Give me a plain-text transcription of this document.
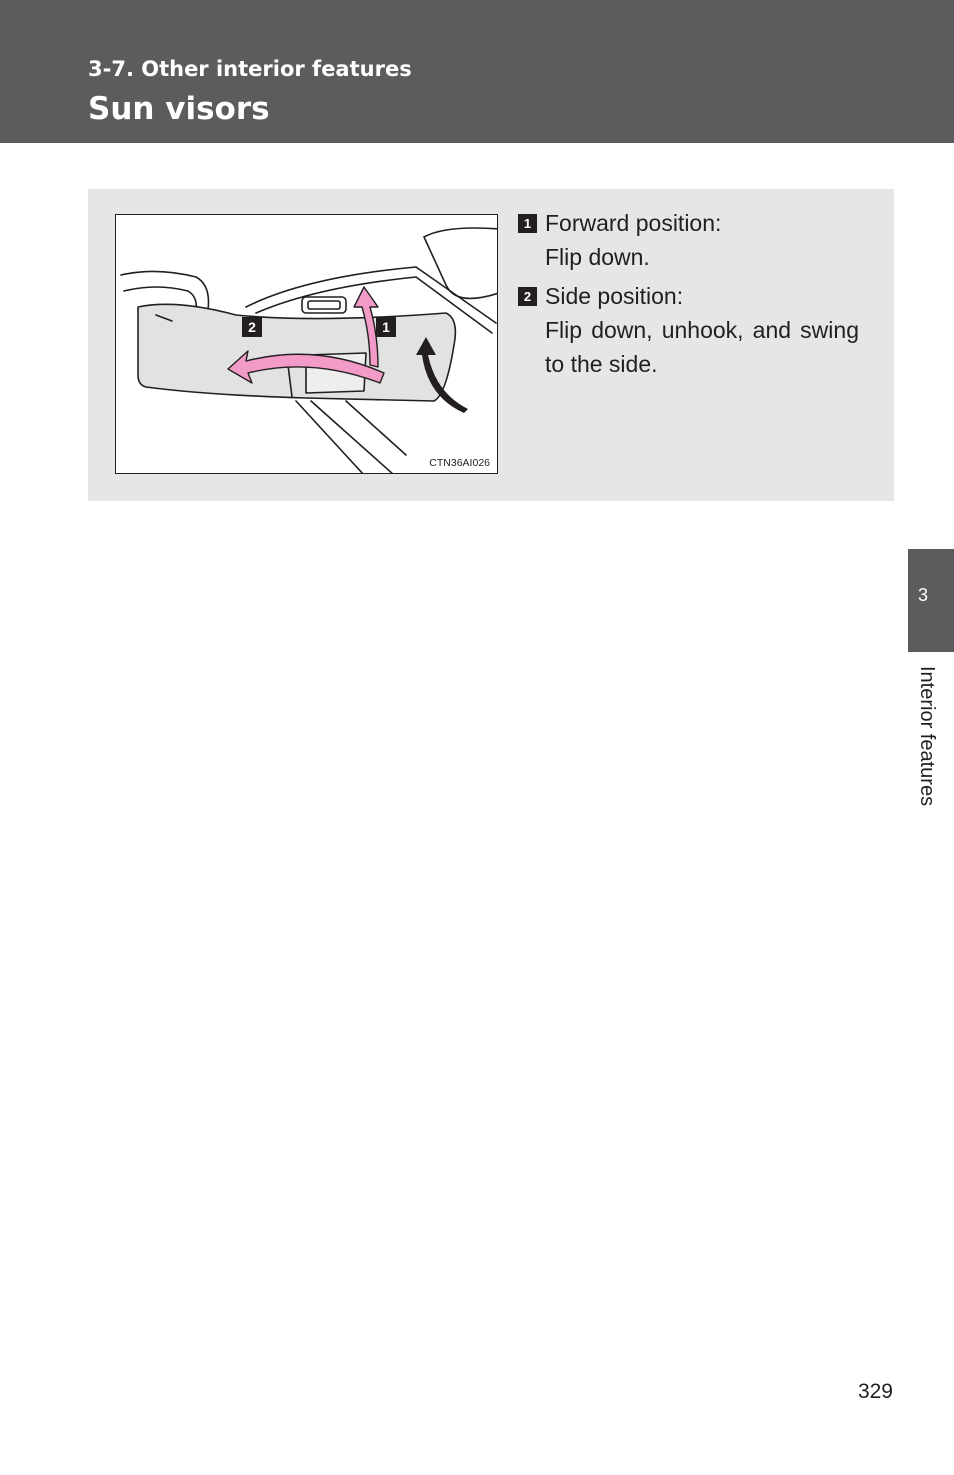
3-7. Other interior features
Sun visors
2	1
CTN36AI026
1 Forward position:
Flip down.
2 Side position:
Flip down, unhook, and swing to the side.
3
Interior features
329
